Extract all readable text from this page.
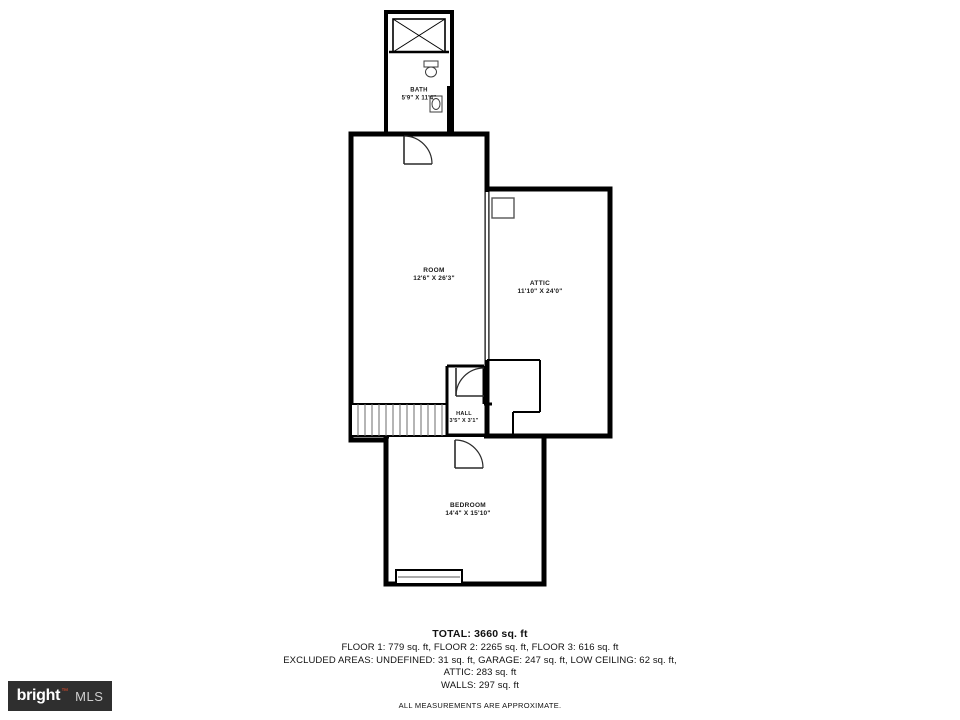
BATH
5'9" X 11'4"
ROOM
12'6" X 26'3"
ATTIC
11'10" X 24'0"
HALL
3'5" X 3'1"
BEDROOM
14'4" X 15'10"
TOTAL: 3660 sq. ft
FLOOR 1: 779 sq. ft, FLOOR 2: 2265 sq. ft, FLOOR 3: 616 sq. ft
EXCLUDED AREAS: UNDEFINED: 31 sq. ft, GARAGE: 247 sq. ft, LOW CEILING: 62 sq. ft,
ATTIC: 283 sq. ft
WALLS: 297 sq. ft
ALL MEASUREMENTS ARE APPROXIMATE.
bright ™ MLS
